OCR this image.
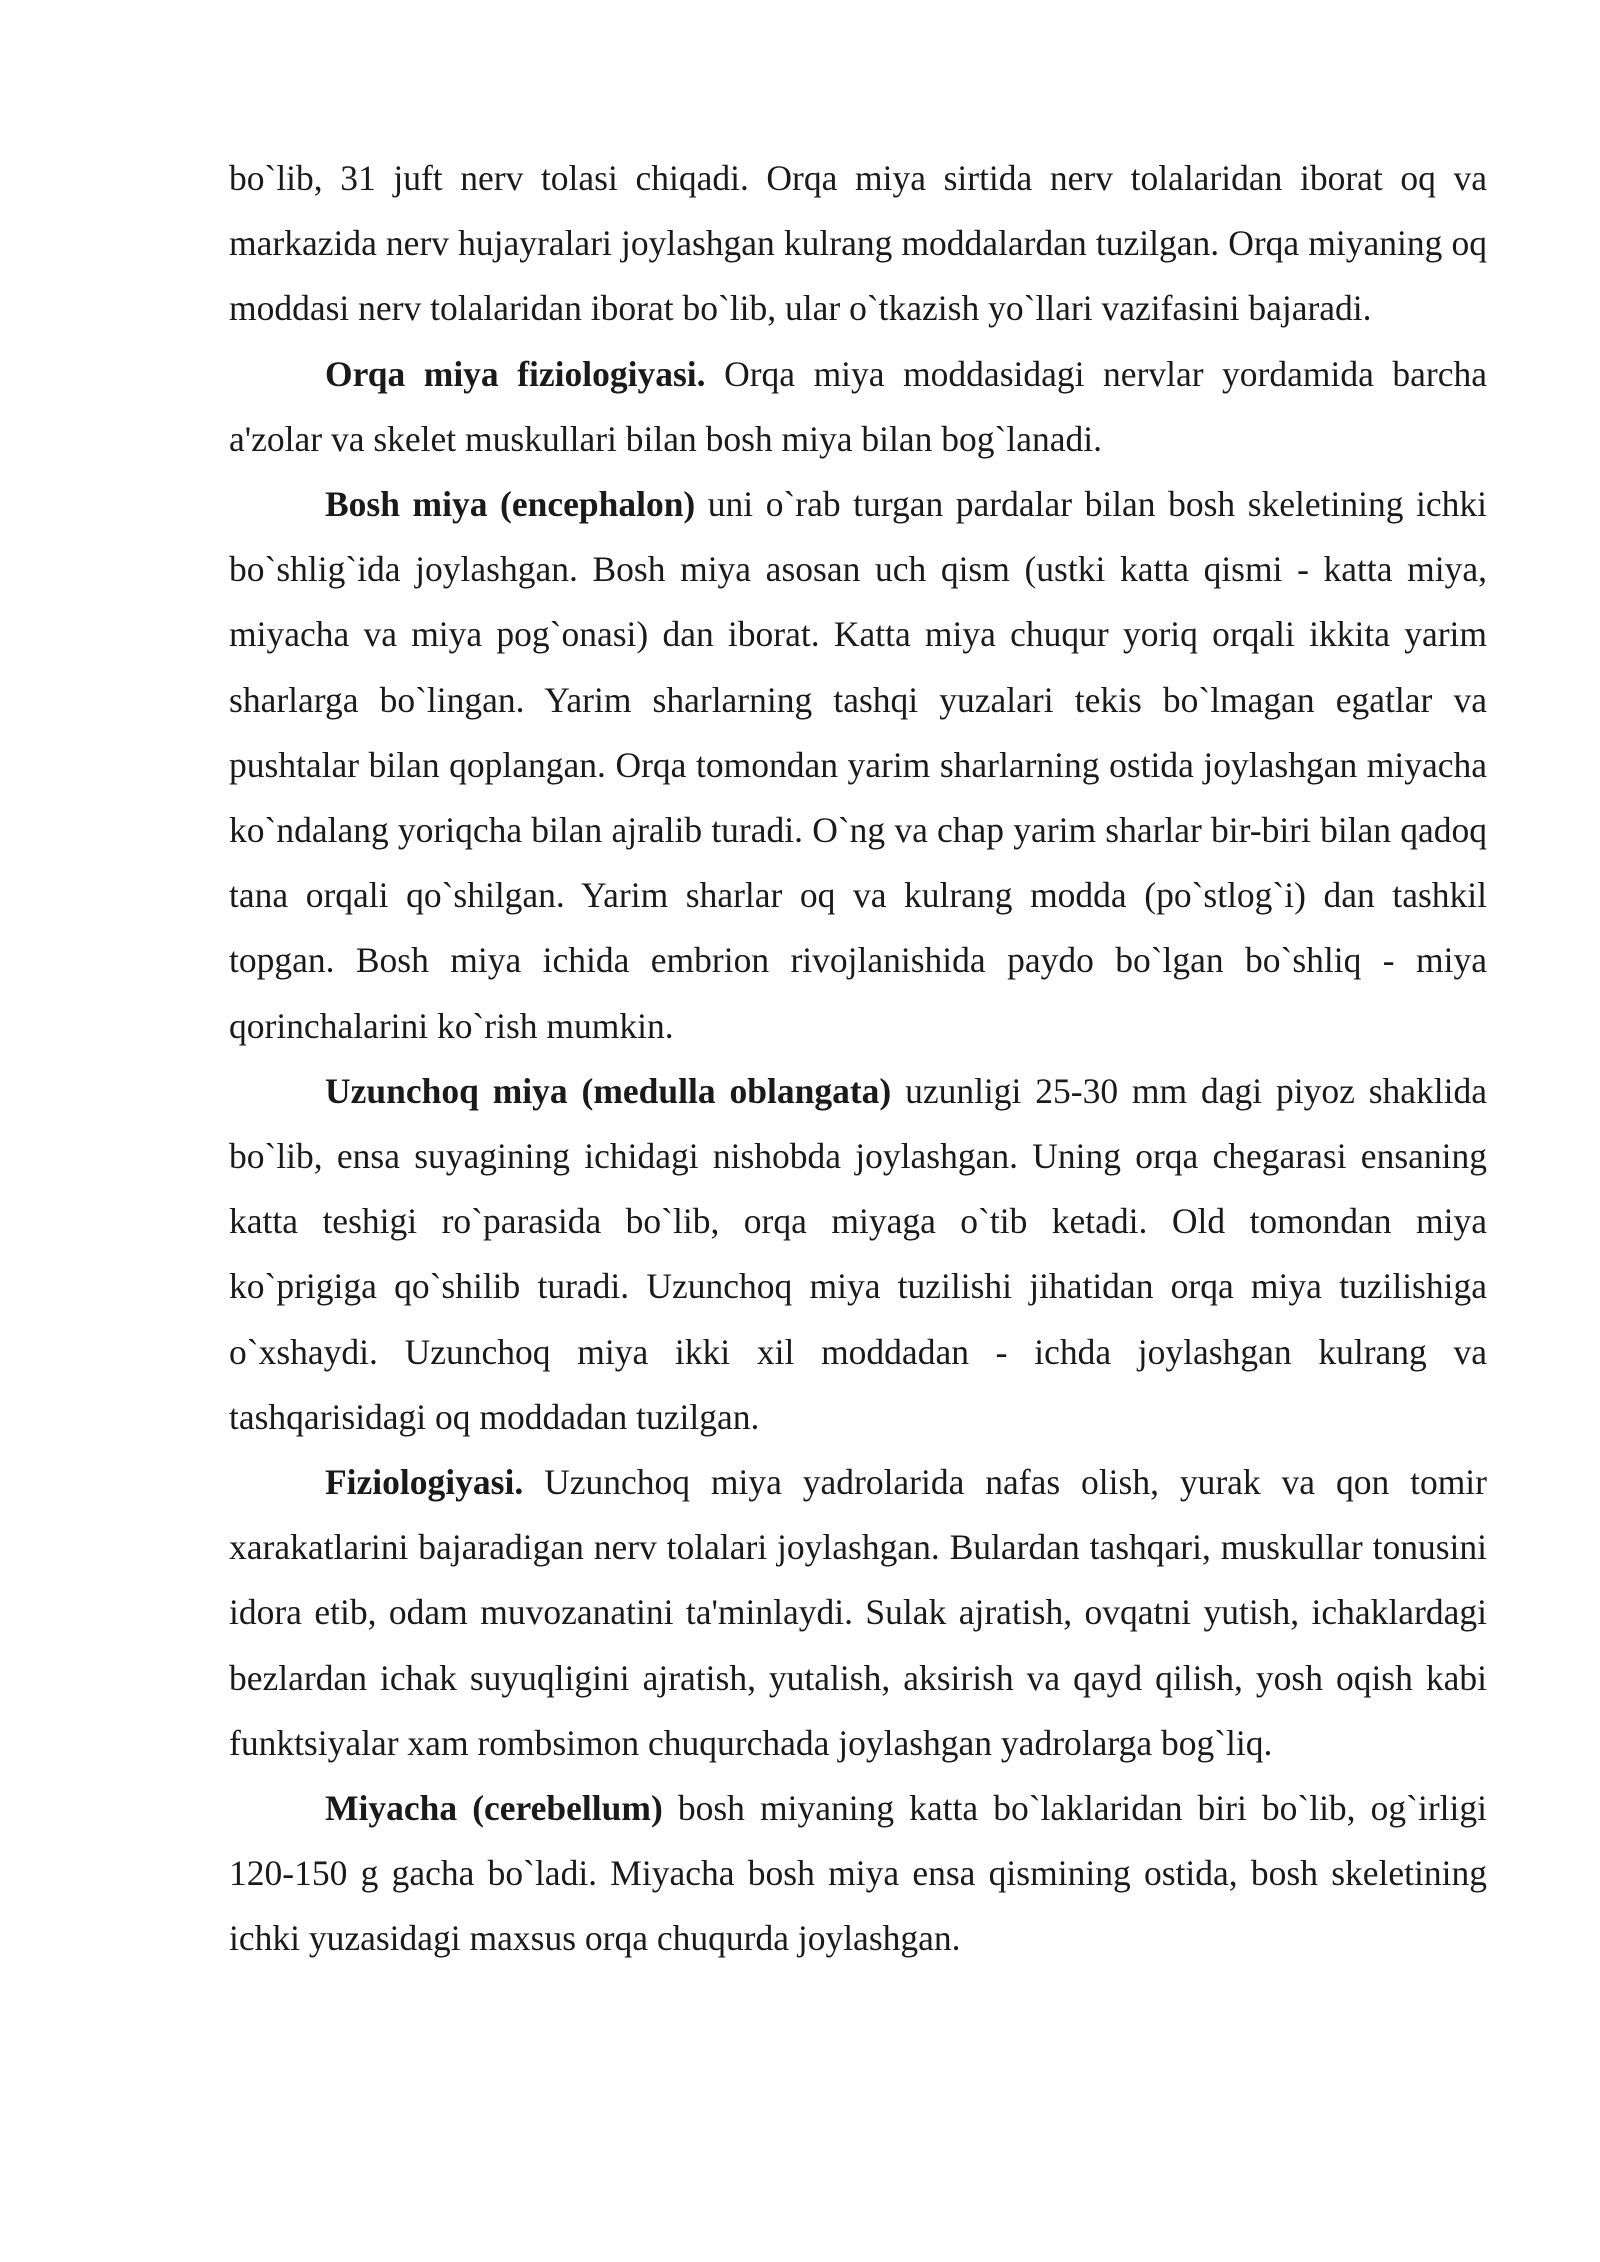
bo`lib, 31 juft nerv tolasi chiqadi. Orqa miya sirtida nerv tolalaridan iborat oq va markazida nerv hujayralari joylashgan kulrang moddalardan tuzilgan. Orqa miyaning oq moddasi nerv tolalaridan iborat bo`lib, ular o`tkazish yo`llari vazifasini bajaradi.

Orqa miya fiziologiyasi. Orqa miya moddasidagi nervlar yordamida barcha a'zolar va skelet muskullari bilan bosh miya bilan bog`lanadi.

Bosh miya (encephalon) uni o`rab turgan pardalar bilan bosh skeletining ichki bo`shlig`ida joylashgan. Bosh miya asosan uch qism (ustki katta qismi - katta miya, miyacha va miya pog`onasi) dan iborat. Katta miya chuqur yoriq orqali ikkita yarim sharlarga bo`lingan. Yarim sharlarning tashqi yuzalari tekis bo`lmagan egatlar va pushtalar bilan qoplangan. Orqa tomondan yarim sharlarning ostida joylashgan miyacha ko`ndalang yoriqcha bilan ajralib turadi. O`ng va chap yarim sharlar bir-biri bilan qadoq tana orqali qo`shilgan. Yarim sharlar oq va kulrang modda (po`stlog`i) dan tashkil topgan. Bosh miya ichida embrion rivojlanishida paydo bo`lgan bo`shliq - miya qorinchalarini ko`rish mumkin.

Uzunchoq miya (medulla oblangata) uzunligi 25-30 mm dagi piyoz shaklida bo`lib, ensa suyagining ichidagi nishobda joylashgan. Uning orqa chegarasi ensaning katta teshigi ro`parasida bo`lib, orqa miyaga o`tib ketadi. Old tomondan miya ko`prigiga qo`shilib turadi. Uzunchoq miya tuzilishi jihatidan orqa miya tuzilishiga o`xshaydi. Uzunchoq miya ikki xil moddadan - ichda joylashgan kulrang va tashqarisidagi oq moddadan tuzilgan.

Fiziologiyasi. Uzunchoq miya yadrolarida nafas olish, yurak va qon tomir xarakatlarini bajaradigan nerv tolalari joylashgan. Bulardan tashqari, muskullar tonusini idora etib, odam muvozanatini ta'minlaydi. Sulak ajratish, ovqatni yutish, ichaklardagi bezlardan ichak suyuqligini ajratish, yutalish, aksirish va qayd qilish, yosh oqish kabi funktsiyalar xam rombsimon chuqurchada joylashgan yadrolarga bog`liq.

Miyacha (cerebellum) bosh miyaning katta bo`laklaridan biri bo`lib, og`irligi 120-150 g gacha bo`ladi. Miyacha bosh miya ensa qismining ostida, bosh skeletining ichki yuzasidagi maxsus orqa chuqurda joylashgan.
